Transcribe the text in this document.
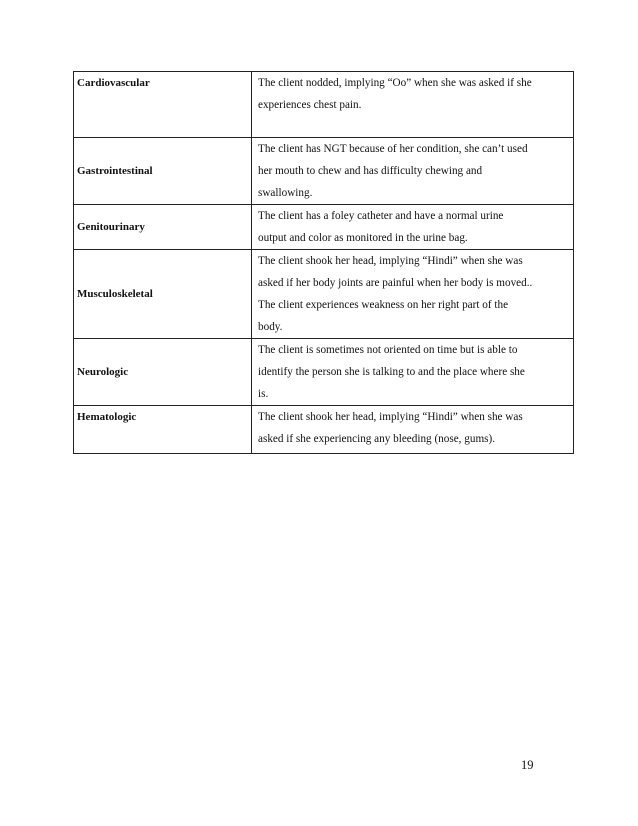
Cardiovascular	The client nodded, implying “Oo” when she was asked if she
experiences chest pain.

Gastrointestinal	The client has NGT because of her condition, she can’t used
her mouth to chew and has difficulty chewing and
swallowing.

Genitourinary	The client has a foley catheter and have a normal urine
output and color as monitored in the urine bag.

Musculoskeletal	The client shook her head, implying “Hindi” when she was
asked if her body joints are painful when her body is moved..
The client experiences weakness on her right part of the
body.

Neurologic	The client is sometimes not oriented on time but is able to
identify the person she is talking to and the place where she
is.

Hematologic	The client shook her head, implying “Hindi” when she was
asked if she experiencing any bleeding (nose, gums).
19
